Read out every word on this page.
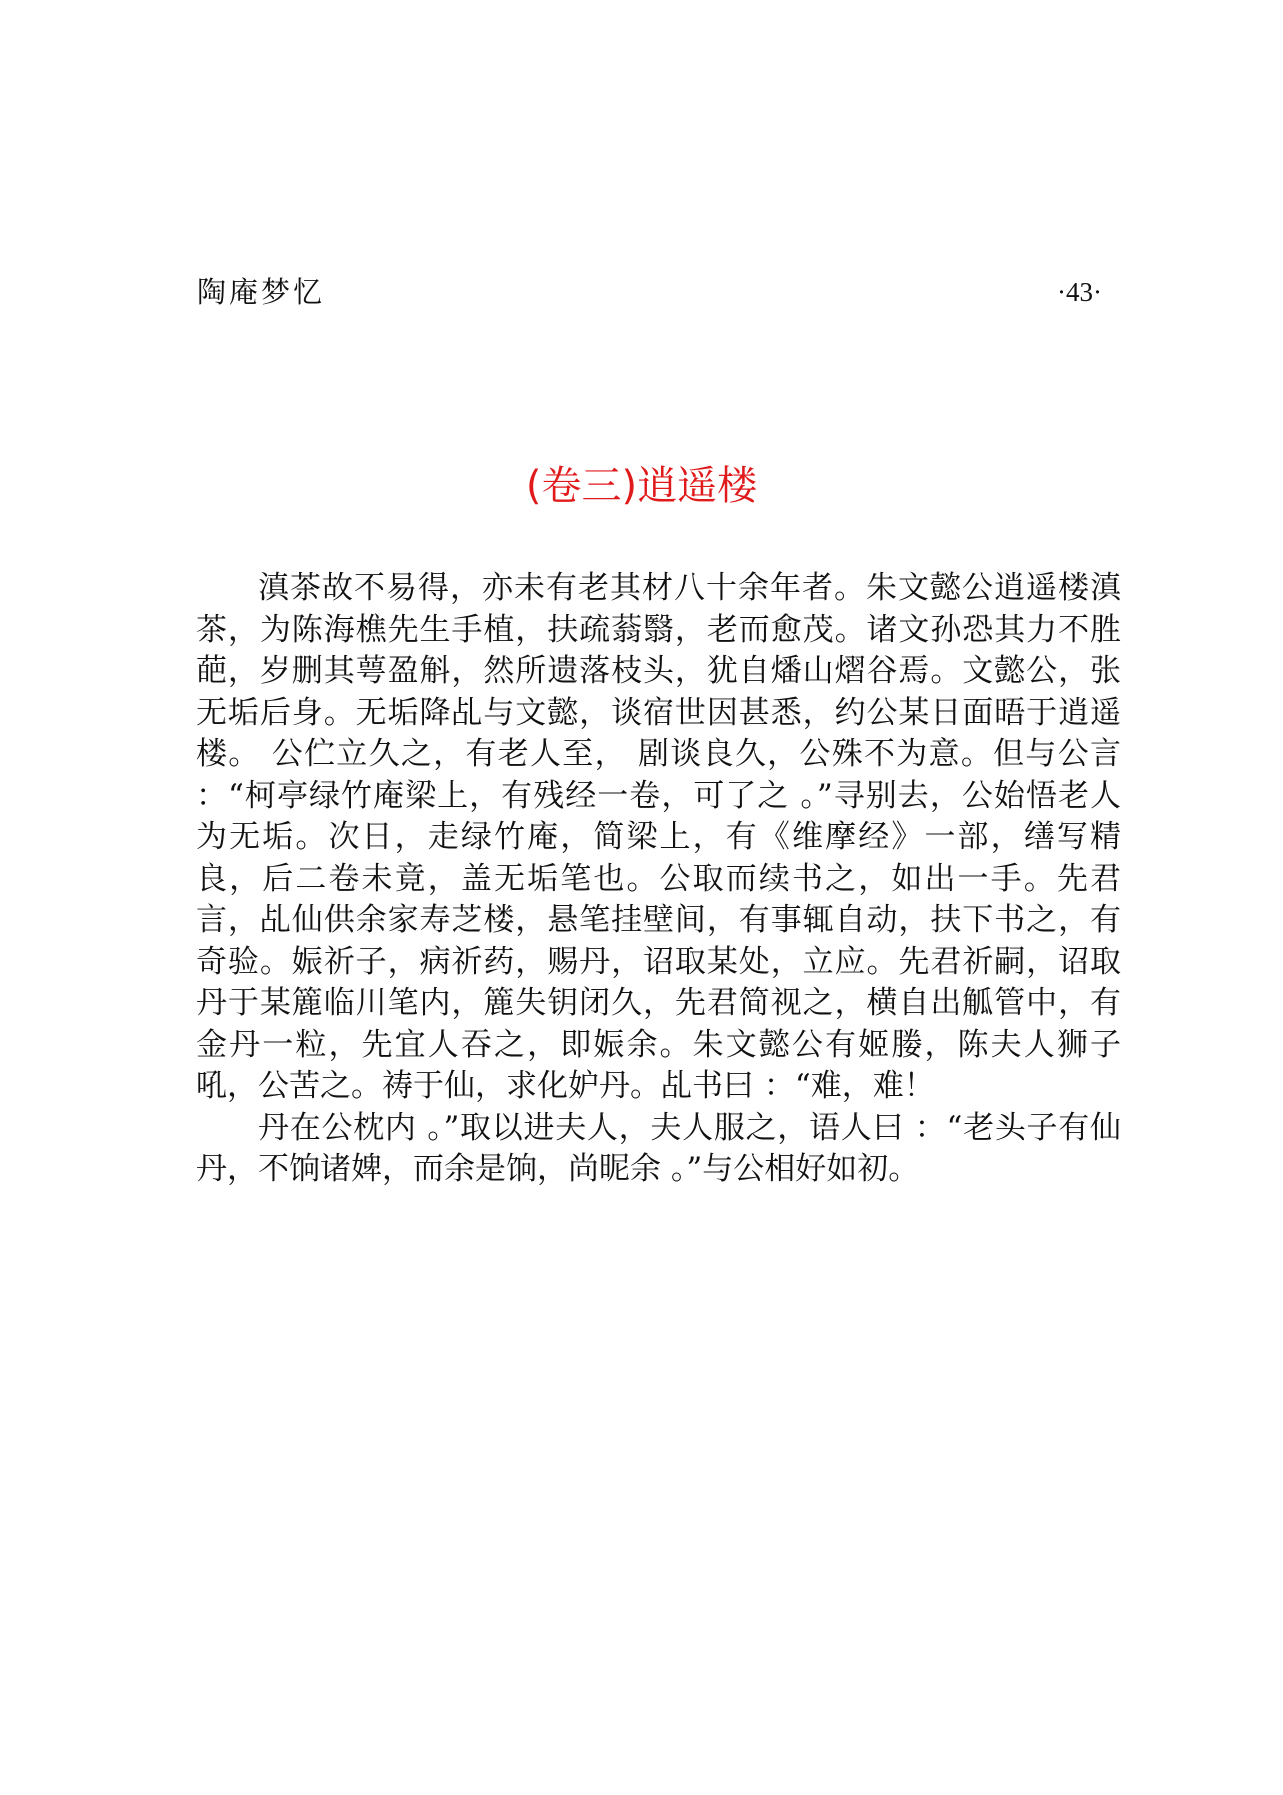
陶庵梦忆	·43·
(卷三)逍遥楼

滇茶故不易得，亦未有老其材八十余年者。朱文懿公逍遥楼滇茶，为陈海樵先生手植，扶疏蓊翳，老而愈茂。诸文孙恐其力不胜葩，岁删其萼盈斛，然所遗落枝头，犹自燔山熠谷焉。文懿公，张无垢后身。无垢降乩与文懿，谈宿世因甚悉，约公某日面晤于逍遥楼。 公伫立久之，有老人至， 剧谈良久，公殊不为意。但与公言 ：“柯亭绿竹庵梁上，有残经一卷，可了之 。”寻别去，公始悟老人为无垢。次日，走绿竹庵，简梁上，有《维摩经》一部，缮写精良，后二卷未竟，盖无垢笔也。公取而续书之，如出一手。先君言，乩仙供余家寿芝楼，悬笔挂壁间，有事辄自动，扶下书之，有奇验。娠祈子，病祈药，赐丹，诏取某处，立应。先君祈嗣，诏取丹于某簏临川笔内，簏失钥闭久，先君简视之，横自出觚管中，有金丹一粒，先宜人吞之，即娠余。朱文懿公有姬媵，陈夫人狮子吼，公苦之。祷于仙，求化妒丹。乩书曰 ：“难，难！

丹在公枕内 。”取以进夫人，夫人服之，语人曰 ：“老头子有仙丹，不饷诸婢，而余是饷，尚昵余 。”与公相好如初。
